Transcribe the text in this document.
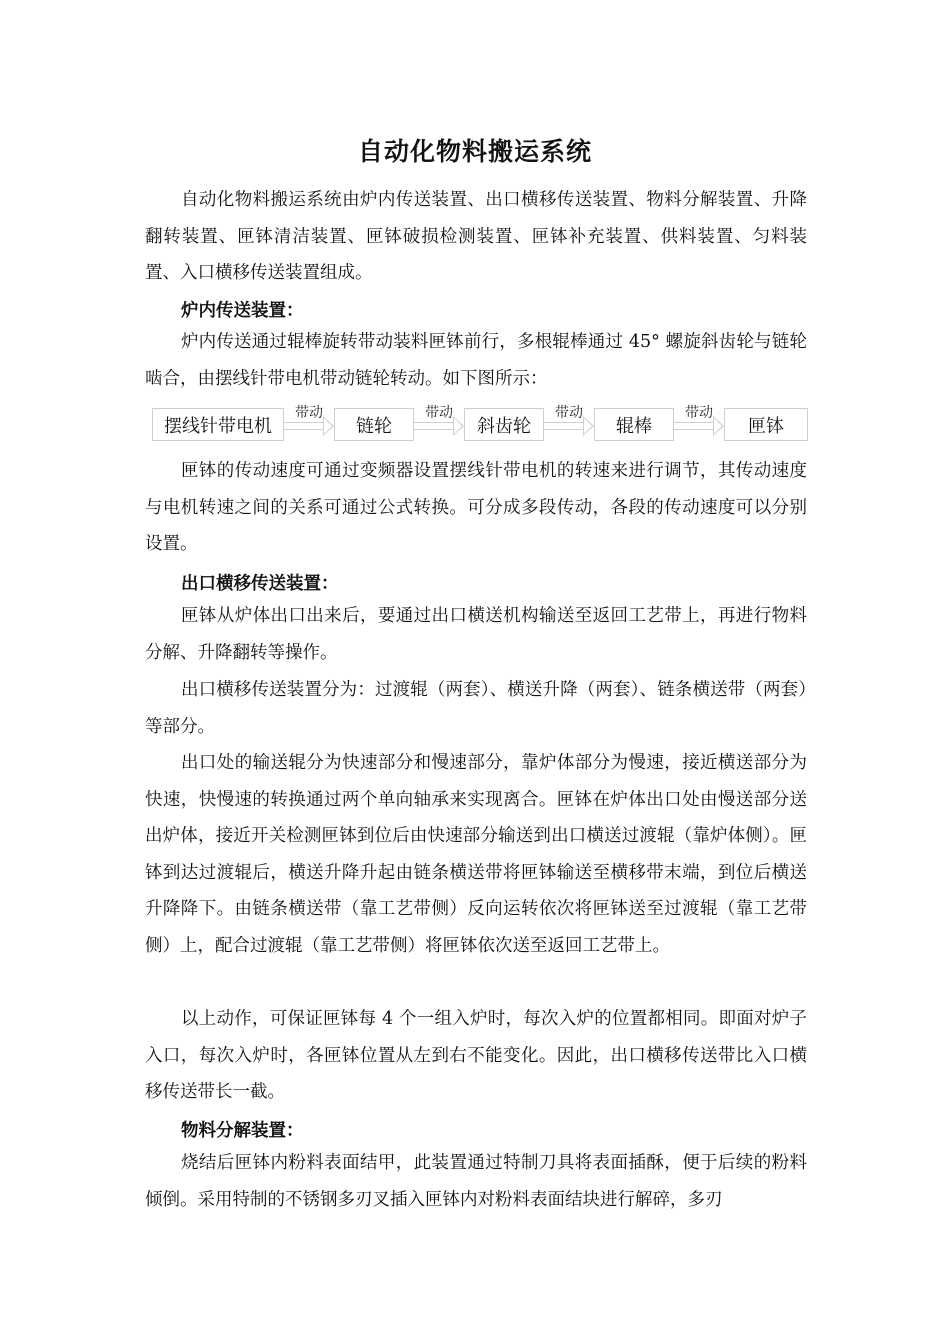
自动化物料搬运系统

自动化物料搬运系统由炉内传送装置、出口横移传送装置、物料分解装置、升降翻转装置、匣钵清洁装置、匣钵破损检测装置、匣钵补充装置、供料装置、匀料装置、入口横移传送装置组成。

炉内传送装置：

炉内传送通过辊棒旋转带动装料匣钵前行，多根辊棒通过 45° 螺旋斜齿轮与链轮啮合，由摆线针带电机带动链轮转动。如下图所示：

摆线针带电机
带动
链轮
带动
斜齿轮
带动
辊棒
带动
匣钵

匣钵的传动速度可通过变频器设置摆线针带电机的转速来进行调节，其传动速度与电机转速之间的关系可通过公式转换。可分成多段传动，各段的传动速度可以分别设置。

出口横移传送装置：

匣钵从炉体出口出来后，要通过出口横送机构输送至返回工艺带上，再进行物料分解、升降翻转等操作。

出口横移传送装置分为：过渡辊（两套）、横送升降（两套）、链条横送带（两套）等部分。

出口处的输送辊分为快速部分和慢速部分，靠炉体部分为慢速，接近横送部分为快速，快慢速的转换通过两个单向轴承来实现离合。匣钵在炉体出口处由慢送部分送出炉体，接近开关检测匣钵到位后由快速部分输送到出口横送过渡辊（靠炉体侧）。匣钵到达过渡辊后，横送升降升起由链条横送带将匣钵输送至横移带末端，到位后横送升降降下。由链条横送带（靠工艺带侧）反向运转依次将匣钵送至过渡辊（靠工艺带侧）上，配合过渡辊（靠工艺带侧）将匣钵依次送至返回工艺带上。

以上动作，可保证匣钵每 4 个一组入炉时，每次入炉的位置都相同。即面对炉子入口，每次入炉时，各匣钵位置从左到右不能变化。因此，出口横移传送带比入口横移传送带长一截。

物料分解装置：

烧结后匣钵内粉料表面结甲，此装置通过特制刀具将表面插酥，便于后续的粉料倾倒。采用特制的不锈钢多刃叉插入匣钵内对粉料表面结块进行解碎，多刃
